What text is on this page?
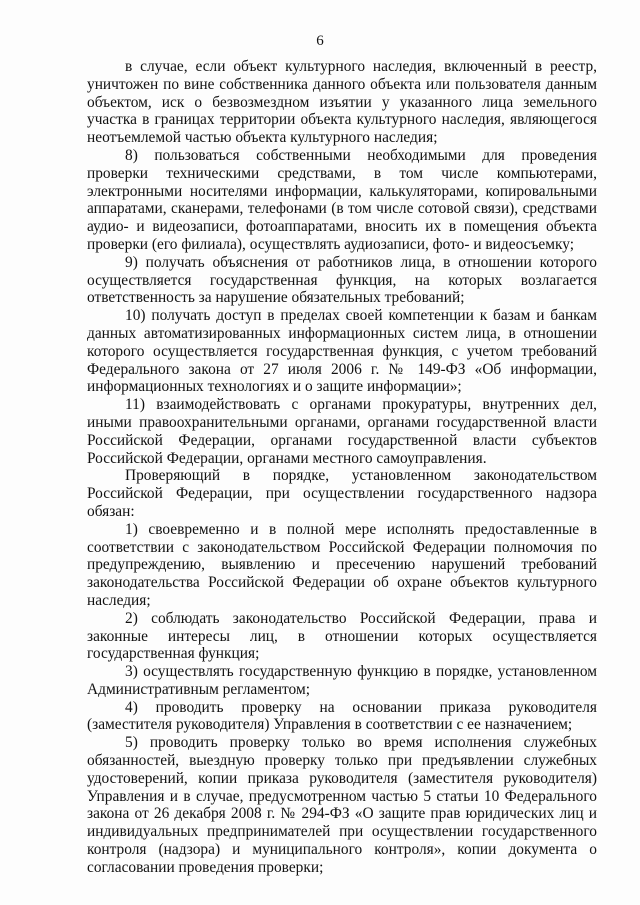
6

в случае, если объект культурного наследия, включенный в реестр, уничтожен по вине собственника данного объекта или пользователя данным объектом, иск о безвозмездном изъятии у указанного лица земельного участка в границах территории объекта культурного наследия, являющегося неотъемлемой частью объекта культурного наследия;

8) пользоваться собственными необходимыми для проведения проверки техническими средствами, в том числе компьютерами, электронными носителями информации, калькуляторами, копировальными аппаратами, сканерами, телефонами (в том числе сотовой связи), средствами аудио- и видеозаписи, фотоаппаратами, вносить их в помещения объекта проверки (его филиала), осуществлять аудиозаписи, фото- и видеосъемку;

9) получать объяснения от работников лица, в отношении которого осуществляется государственная функция, на которых возлагается ответственность за нарушение обязательных требований;

10) получать доступ в пределах своей компетенции к базам и банкам данных автоматизированных информационных систем лица, в отношении которого осуществляется государственная функция, с учетом требований Федерального закона от 27 июля 2006 г. № 149-ФЗ «Об информации, информационных технологиях и о защите информации»;

11) взаимодействовать с органами прокуратуры, внутренних дел, иными правоохранительными органами, органами государственной власти Российской Федерации, органами государственной власти субъектов Российской Федерации, органами местного самоуправления.

Проверяющий в порядке, установленном законодательством Российской Федерации, при осуществлении государственного надзора обязан:

1) своевременно и в полной мере исполнять предоставленные в соответствии с законодательством Российской Федерации полномочия по предупреждению, выявлению и пресечению нарушений требований законодательства Российской Федерации об охране объектов культурного наследия;

2) соблюдать законодательство Российской Федерации, права и законные интересы лиц, в отношении которых осуществляется государственная функция;

3) осуществлять государственную функцию в порядке, установленном Административным регламентом;

4) проводить проверку на основании приказа руководителя (заместителя руководителя) Управления в соответствии с ее назначением;

5) проводить проверку только во время исполнения служебных обязанностей, выездную проверку только при предъявлении служебных удостоверений, копии приказа руководителя (заместителя руководителя) Управления и в случае, предусмотренном частью 5 статьи 10 Федерального закона от 26 декабря 2008 г. № 294-ФЗ «О защите прав юридических лиц и индивидуальных предпринимателей при осуществлении государственного контроля (надзора) и муниципального контроля», копии документа о согласовании проведения проверки;
